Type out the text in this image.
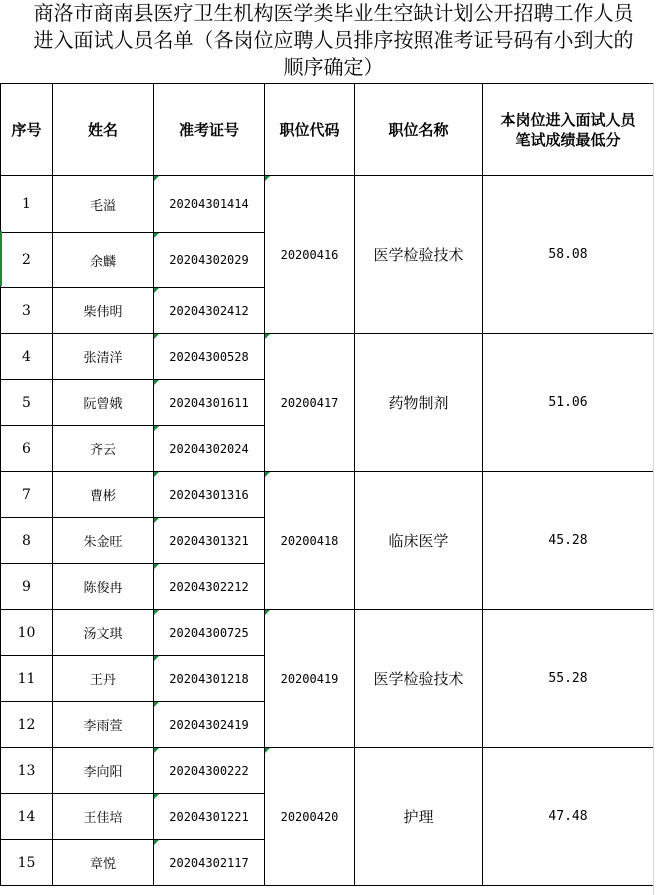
商洛市商南县医疗卫生机构医学类毕业生空缺计划公开招聘工作人员
进入面试人员名单（各岗位应聘人员排序按照准考证号码有小到大的
顺序确定）
序号	姓名	准考证号	职位代码	职位名称	本岗位进入面试人员笔试成绩最低分
1	毛溢	20204301414	20200416	医学检验技术	58.08
2	余麟	20204302029			
3	柴伟明	20204302412			
4	张清洋	20204300528	20200417	药物制剂	51.06
5	阮曾娥	20204301611			
6	齐云	20204302024			
7	曹彬	20204301316	20200418	临床医学	45.28
8	朱金旺	20204301321			
9	陈俊冉	20204302212			
10	汤文琪	20204300725	20200419	医学检验技术	55.28
11	王丹	20204301218			
12	李雨萱	20204302419			
13	李向阳	20204300222	20200420	护理	47.48
14	王佳培	20204301221			
15	章悦	20204302117			
